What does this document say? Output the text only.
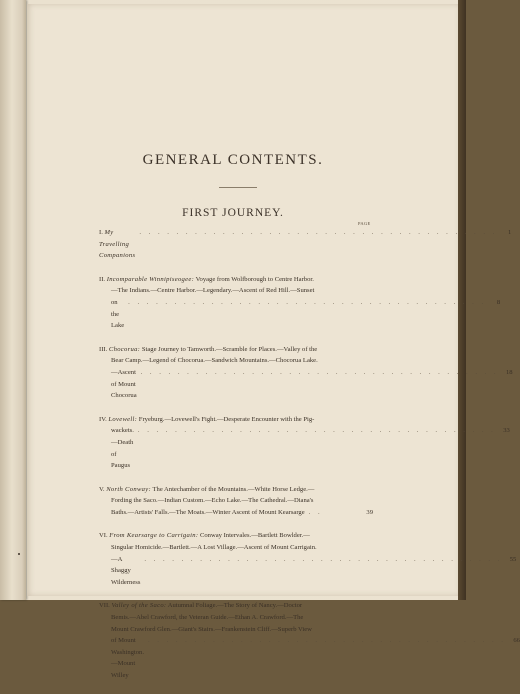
GENERAL CONTENTS.
FIRST JOURNEY.
PAGE
I. My Travelling Companions
. . . . . . . . . . . . . . . . . . . . . . . . . . . . . . . . . . . . . . .	1
II. Incomparable Winnipiseogee: Voyage from Wolfborough to Centre Harbor.
—The Indians.—Centre Harbor.—Legendary.—Ascent of Red Hill.—Sunset
on the Lake
. . . . . . . . . . . . . . . . . . . . . . . . . . . . . . . . . . . . . . .	8
III. Chocorua: Stage Journey to Tamworth.—Scramble for Places.—Valley of the
Bear Camp.—Legend of Chocorua.—Sandwich Mountains.—Chocorua Lake.
—Ascent of Mount Chocorua
. . . . . . . . . . . . . . . . . . . . . . . . . . . . . . . . . . . . . . .	18
IV. Lovewell: Fryeburg.—Lovewell's Fight.—Desperate Encounter with the Pig-
wackets.—Death of Paugus
. . . . . . . . . . . . . . . . . . . . . . . . . . . . . . . . . . . . . . .	33
V. North Conway: The Antechamber of the Mountains.—White Horse Ledge.—
Fording the Saco.—Indian Custom.—Echo Lake.—The Cathedral.—Diana's
Baths.—Artists' Falls.—The Moats.—Winter Ascent of Mount Kearsarge . .	39
VI. From Kearsarge to Carrigain: Conway Intervales.—Bartlett Bowlder.—
Singular Homicide.—Bartlett.—A Lost Village.—Ascent of Mount Carrigain.
—A Shaggy Wilderness
. . . . . . . . . . . . . . . . . . . . . . . . . . . . . . . . . . . . . . .	55
VII. Valley of the Saco: Autumnal Foliage.—The Story of Nancy.—Doctor
Bemis.—Abel Crawford, the Veteran Guide.—Ethan A. Crawford.—The
Mount Crawford Glen.—Giant's Stairs.—Frankenstein Cliff.—Superb View
of Mount Washington.—Mount Willey
. . . . . . . . . . . . . . . . . . . . . . . . . . . . . . . . . . . . . . .	66
